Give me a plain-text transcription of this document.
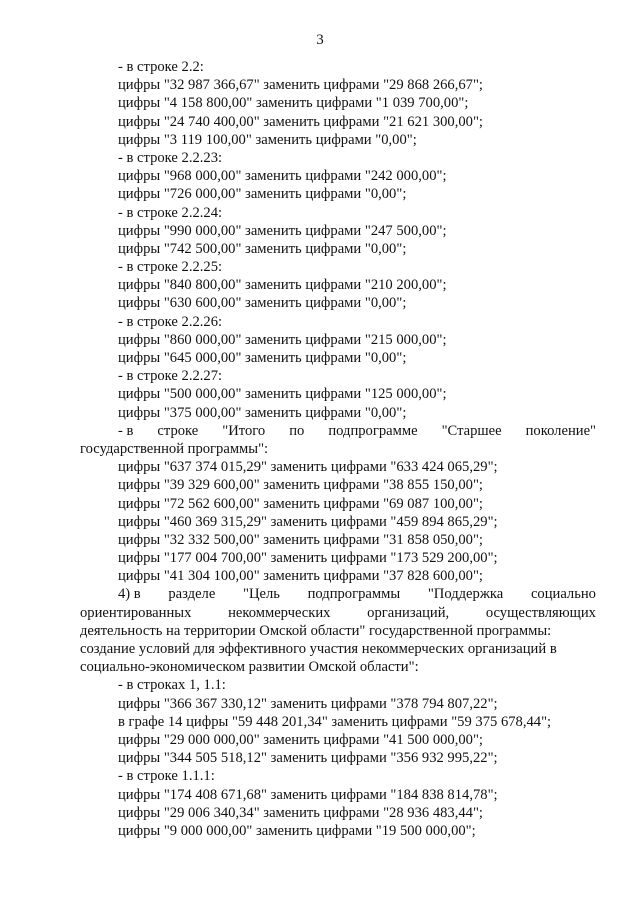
3
- в строке 2.2:
цифры "32 987 366,67" заменить цифрами "29 868 266,67";
цифры "4 158 800,00" заменить цифрами "1 039 700,00";
цифры "24 740 400,00" заменить цифрами "21 621 300,00";
цифры "3 119 100,00" заменить цифрами "0,00";
- в строке 2.2.23:
цифры "968 000,00" заменить цифрами "242 000,00";
цифры "726 000,00" заменить цифрами "0,00";
- в строке 2.2.24:
цифры "990 000,00" заменить цифрами "247 500,00";
цифры "742 500,00" заменить цифрами "0,00";
- в строке 2.2.25:
цифры "840 800,00" заменить цифрами "210 200,00";
цифры "630 600,00" заменить цифрами "0,00";
- в строке 2.2.26:
цифры "860 000,00" заменить цифрами "215 000,00";
цифры "645 000,00" заменить цифрами "0,00";
- в строке 2.2.27:
цифры "500 000,00" заменить цифрами "125 000,00";
цифры "375 000,00" заменить цифрами "0,00";
- в строке "Итого по подпрограмме "Старшее поколение"
государственной программы":
цифры "637 374 015,29" заменить цифрами "633 424 065,29";
цифры "39 329 600,00" заменить цифрами "38 855 150,00";
цифры "72 562 600,00" заменить цифрами "69 087 100,00";
цифры "460 369 315,29" заменить цифрами "459 894 865,29";
цифры "32 332 500,00" заменить цифрами "31 858 050,00";
цифры "177 004 700,00" заменить цифрами "173 529 200,00";
цифры "41 304 100,00" заменить цифрами "37 828 600,00";
4) в разделе "Цель подпрограммы "Поддержка социально
ориентированных	некоммерческих	организаций,	осуществляющих
деятельность на территории Омской области" государственной программы:
создание условий для эффективного участия некоммерческих организаций в
социально-экономическом развитии Омской области":
- в строках 1, 1.1:
цифры "366 367 330,12" заменить цифрами "378 794 807,22";
в графе 14 цифры "59 448 201,34" заменить цифрами "59 375 678,44";
цифры "29 000 000,00" заменить цифрами "41 500 000,00";
цифры "344 505 518,12" заменить цифрами "356 932 995,22";
- в строке 1.1.1:
цифры "174 408 671,68" заменить цифрами "184 838 814,78";
цифры "29 006 340,34" заменить цифрами "28 936 483,44";
цифры "9 000 000,00" заменить цифрами "19 500 000,00";
